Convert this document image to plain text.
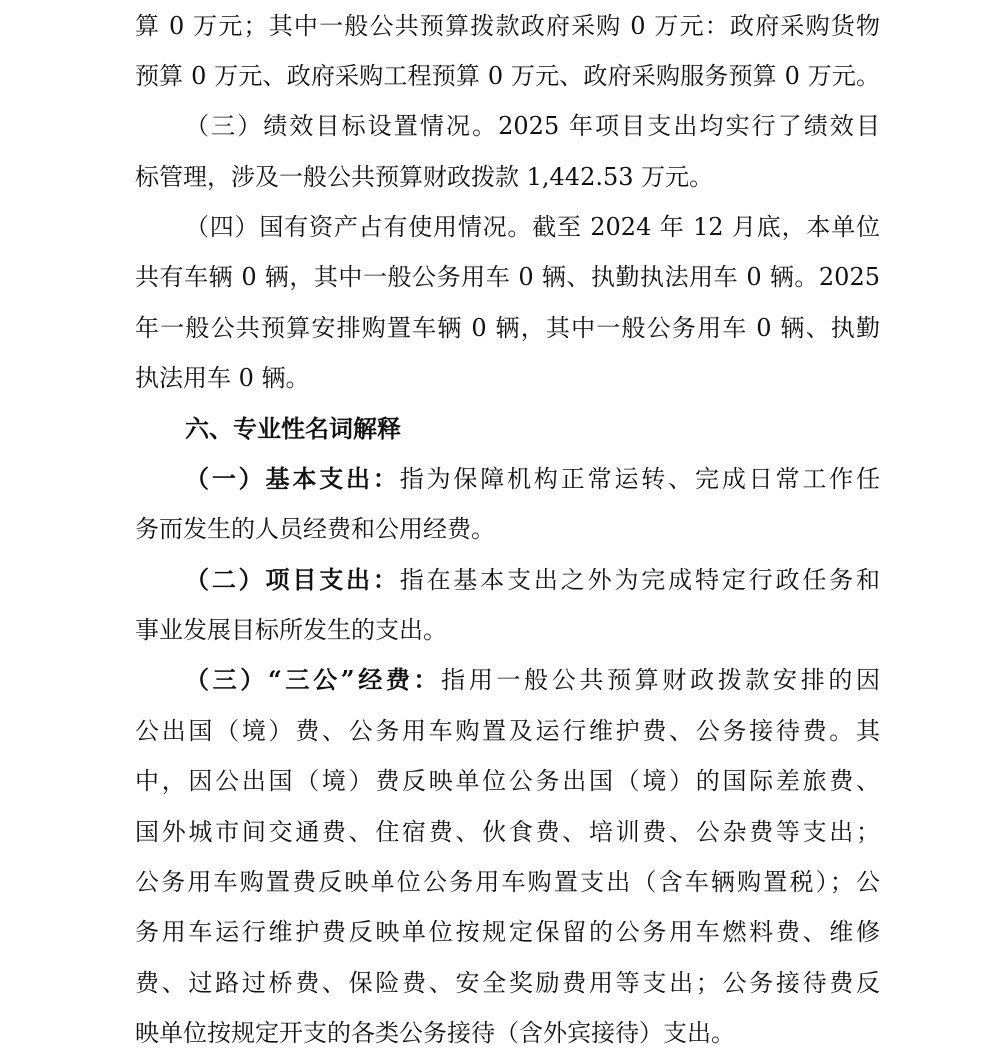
算 0 万元；其中一般公共预算拨款政府采购 0 万元：政府采购货物
预算 0 万元、政府采购工程预算 0 万元、政府采购服务预算 0 万元。
（三）绩效目标设置情况。2025 年项目支出均实行了绩效目
标管理，涉及一般公共预算财政拨款 1,442.53 万元。
（四）国有资产占有使用情况。截至 2024 年 12 月底，本单位
共有车辆 0 辆，其中一般公务用车 0 辆、执勤执法用车 0 辆。2025
年一般公共预算安排购置车辆 0 辆，其中一般公务用车 0 辆、执勤
执法用车 0 辆。
六、专业性名词解释
（一）基本支出：指为保障机构正常运转、完成日常工作任
务而发生的人员经费和公用经费。
（二）项目支出：指在基本支出之外为完成特定行政任务和
事业发展目标所发生的支出。
（三）“三公”经费：指用一般公共预算财政拨款安排的因
公出国（境）费、公务用车购置及运行维护费、公务接待费。其
中，因公出国（境）费反映单位公务出国（境）的国际差旅费、
国外城市间交通费、住宿费、伙食费、培训费、公杂费等支出；
公务用车购置费反映单位公务用车购置支出（含车辆购置税）；公
务用车运行维护费反映单位按规定保留的公务用车燃料费、维修
费、过路过桥费、保险费、安全奖励费用等支出；公务接待费反
映单位按规定开支的各类公务接待（含外宾接待）支出。
